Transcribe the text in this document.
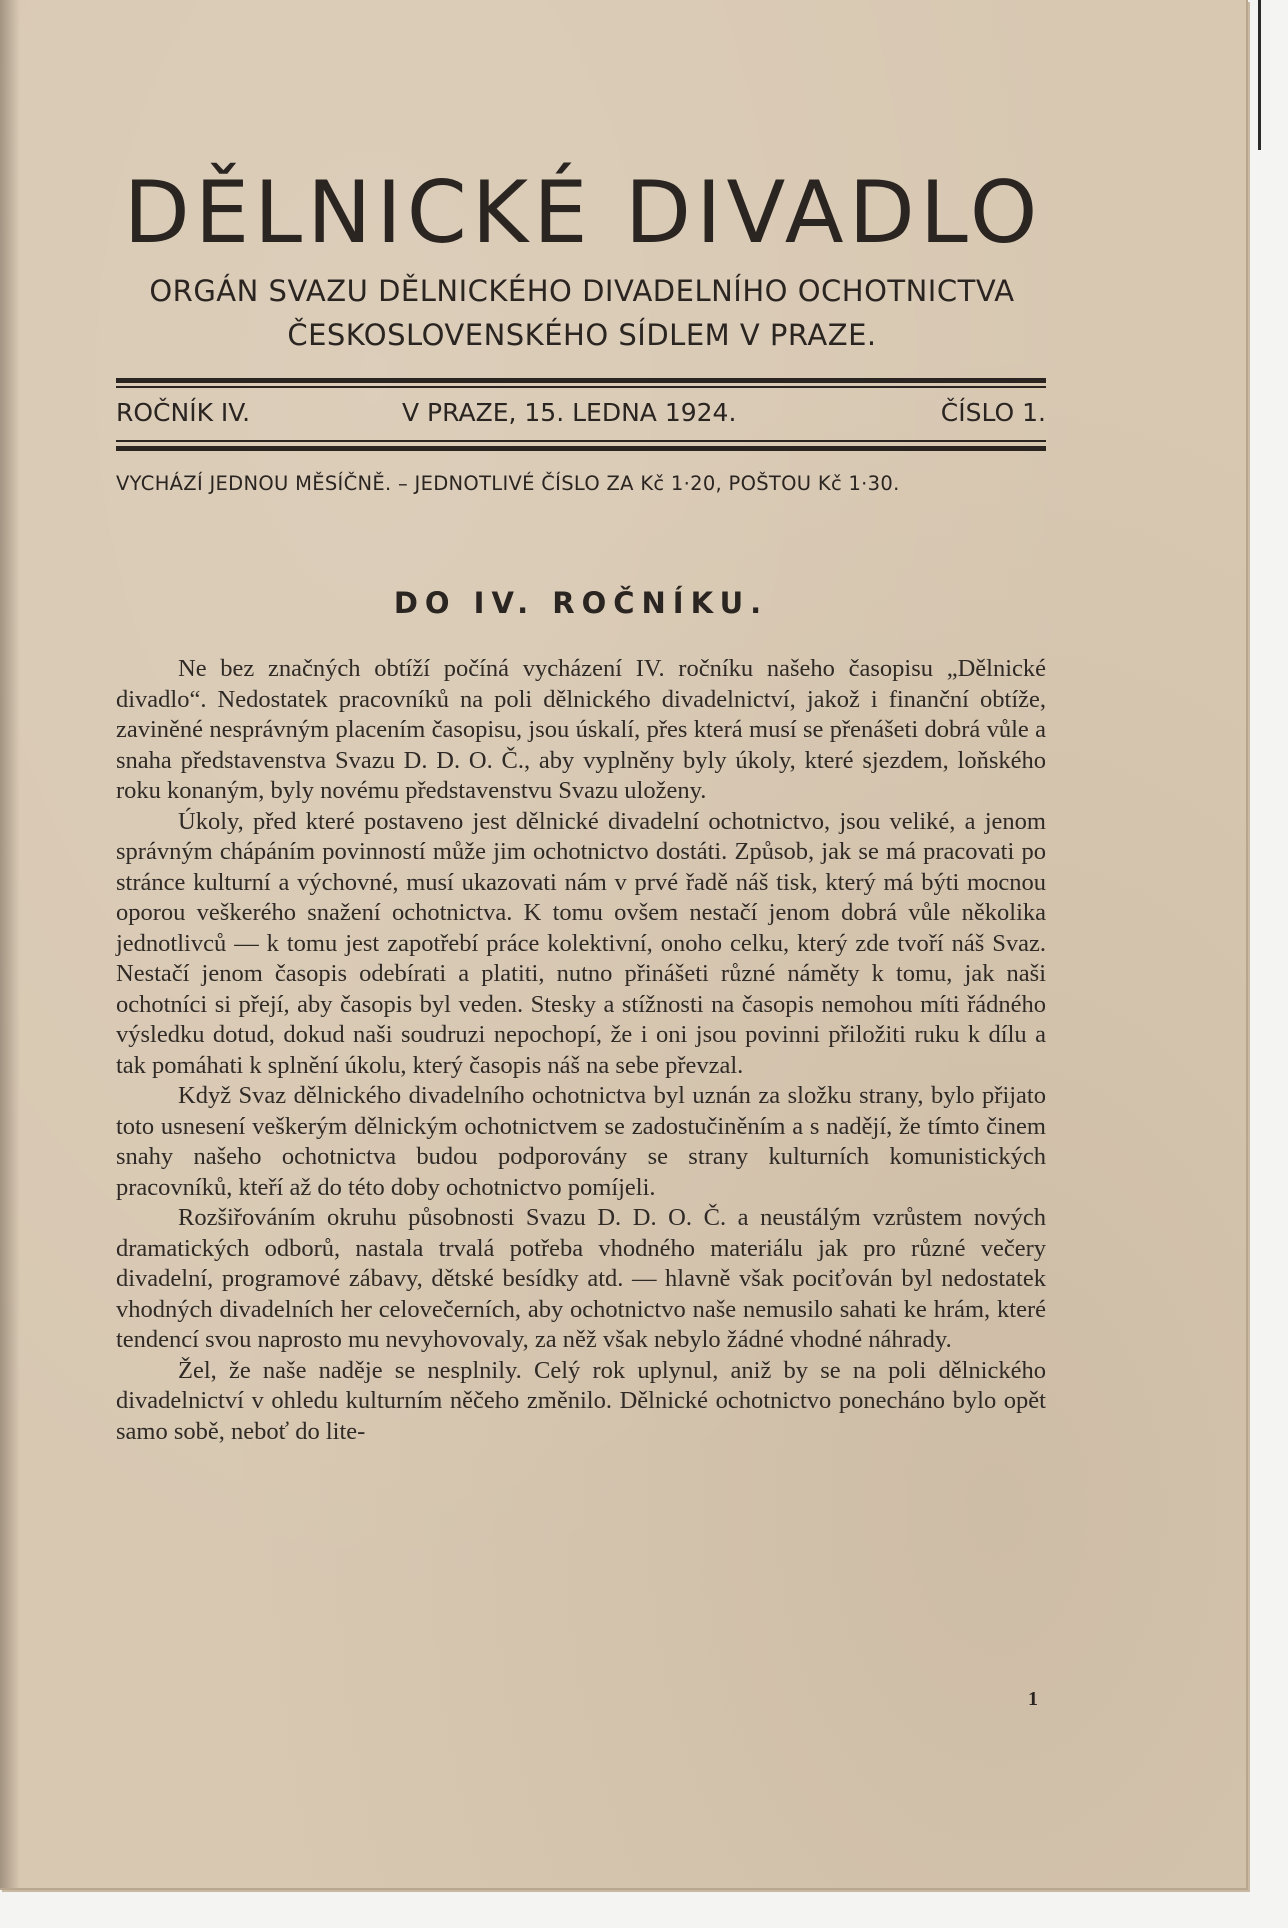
DĚLNICKÉ DIVADLO
ORGÁN SVAZU DĚLNICKÉHO DIVADELNÍHO OCHOTNICTVA
ČESKOSLOVENSKÉHO SÍDLEM V PRAZE.
ROČNÍK IV.	V PRAZE, 15. LEDNA 1924.	ČÍSLO 1.
VYCHÁZÍ JEDNOU MĚSÍČNĚ. – JEDNOTLIVÉ ČÍSLO ZA Kč 1·20, POŠTOU Kč 1·30.
DO IV. ROČNÍKU.

Ne bez značných obtíží počíná vycházení IV. ročníku našeho časopisu „Dělnické divadlo“. Nedostatek pracovníků na poli dělnického divadelnictví, jakož i finanční obtíže, zaviněné nesprávným placením časopisu, jsou úskalí, přes která musí se přenášeti dobrá vůle a snaha představenstva Svazu D. D. O. Č., aby vyplněny byly úkoly, které sjezdem, loňského roku konaným, byly novému představenstvu Svazu uloženy.

Úkoly, před které postaveno jest dělnické divadelní ochotnictvo, jsou veliké, a jenom správným chápáním povinností může jim ochotnictvo dostáti. Způsob, jak se má pracovati po stránce kulturní a výchovné, musí ukazovati nám v prvé řadě náš tisk, který má býti mocnou oporou veškerého snažení ochotnictva. K tomu ovšem nestačí jenom dobrá vůle několika jednotlivců — k tomu jest zapotřebí práce kolektivní, onoho celku, který zde tvoří náš Svaz. Nestačí jenom časopis odebírati a platiti, nutno přinášeti různé náměty k tomu, jak naši ochotníci si přejí, aby časopis byl veden. Stesky a stížnosti na časopis nemohou míti řádného výsledku dotud, dokud naši soudruzi nepochopí, že i oni jsou povinni přiložiti ruku k dílu a tak pomáhati k splnění úkolu, který časopis náš na sebe převzal.

Když Svaz dělnického divadelního ochotnictva byl uznán za složku strany, bylo přijato toto usnesení veškerým dělnickým ochotnictvem se zadostučiněním a s nadějí, že tímto činem snahy našeho ochotnictva budou podporovány se strany kulturních komunistických pracovníků, kteří až do této doby ochotnictvo pomíjeli.

Rozšiřováním okruhu působnosti Svazu D. D. O. Č. a neustálým vzrůstem nových dramatických odborů, nastala trvalá potřeba vhodného materiálu jak pro různé večery divadelní, programové zábavy, dětské besídky atd. — hlavně však pociťován byl nedostatek vhodných divadelních her celovečerních, aby ochotnictvo naše nemusilo sahati ke hrám, které tendencí svou naprosto mu nevyhovovaly, za něž však nebylo žádné vhodné náhrady.

Žel, že naše naděje se nesplnily. Celý rok uplynul, aniž by se na poli dělnického divadelnictví v ohledu kulturním něčeho změnilo. Dělnické ochotnictvo ponecháno bylo opět samo sobě, neboť do lite-

1
